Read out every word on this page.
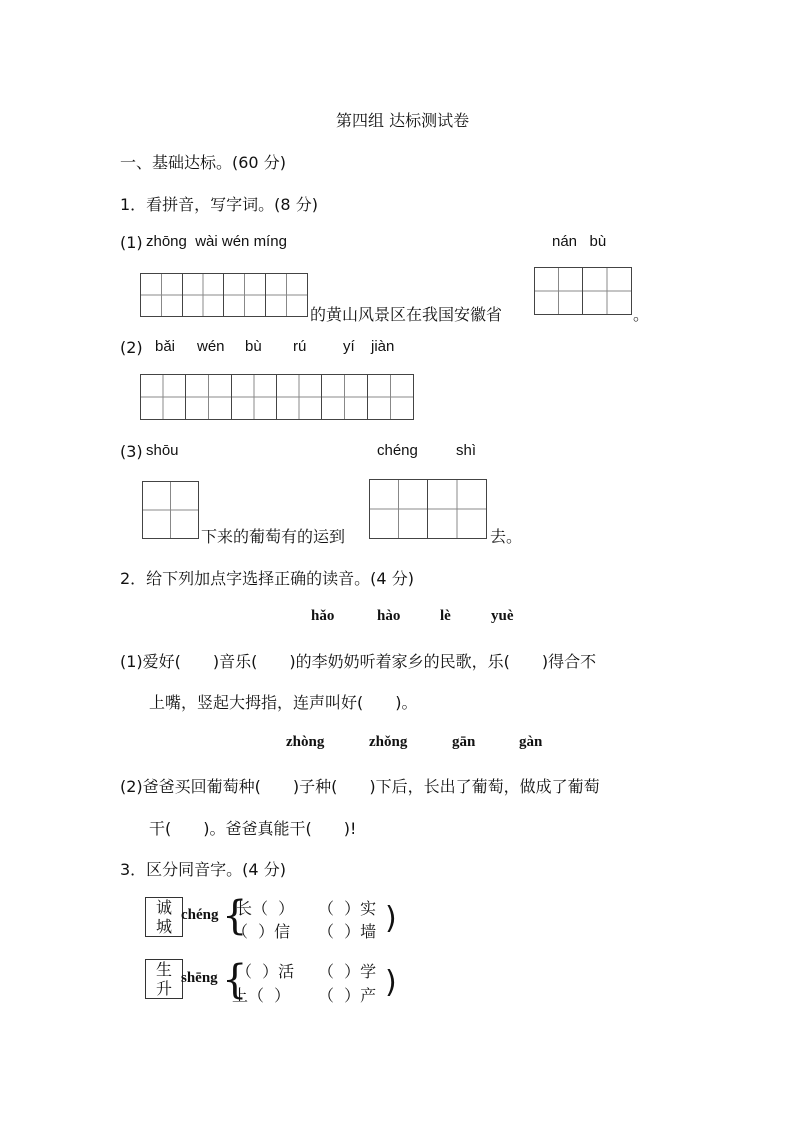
第四组 达标测试卷
一、基础达标。(60 分)
1．看拼音，写字词。(8 分)
(1) zhōng  wài wén míng	nán   bù
的黄山风景区在我国安徽省	。
(2) bǎi wén bù rú yí jiàn
(3) shōu	chéng	shì
下来的葡萄有的运到	去。
2．给下列加点字选择正确的读音。(4 分)
hǎo	hào	lè	yuè
(1)爱好(　　)音乐(　　)的李奶奶听着家乡的民歌，乐(　　)得合不
上嘴，竖起大拇指，连声叫好(　　)。
zhòng	zhǒng	gān	gàn
(2)爸爸买回葡萄种(　　)子种(　　)下后，长出了葡萄，做成了葡萄
干(　　)。爸爸真能干(　　)!
3．区分同音字。(4 分)
诚
城
chéng {
长（  ） （  ）实
（  ）信 （  ）墙 )
生
升
shēng {
（  ）活 （  ）学
上（  ） （  ）产 )
